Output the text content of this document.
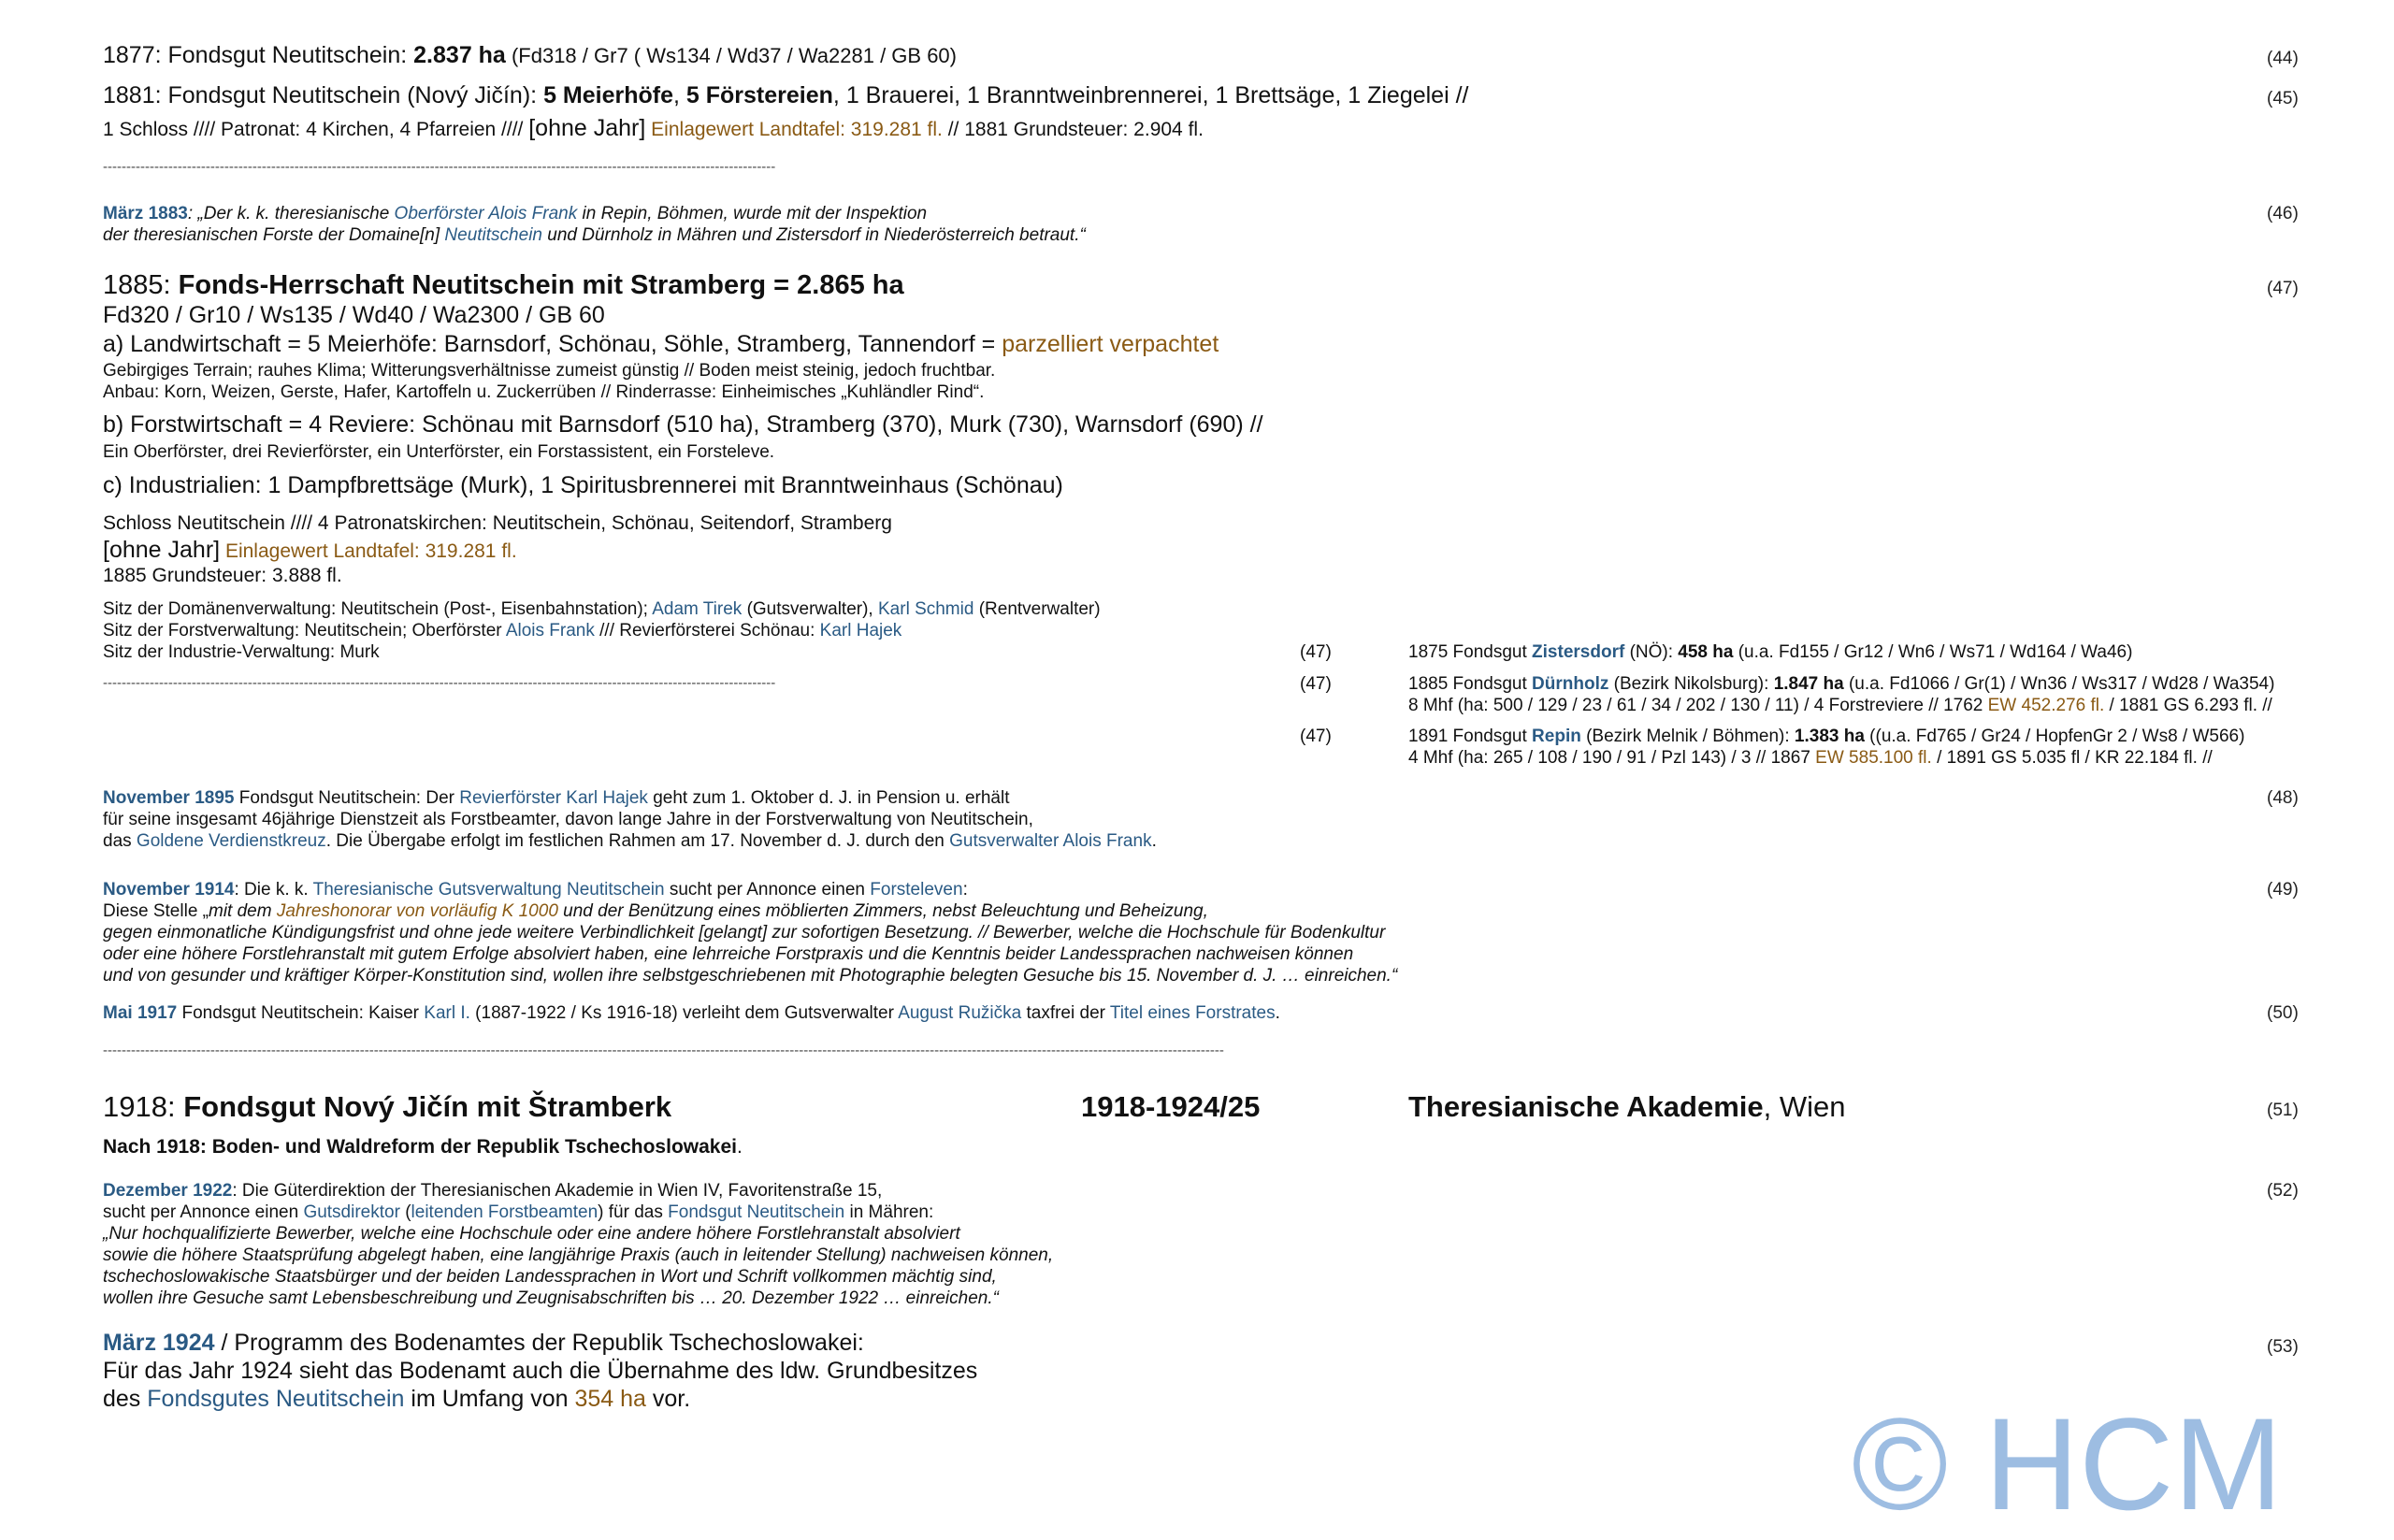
1877: Fondsgut Neutitschein: 2.837 ha (Fd318 / Gr7 ( Ws134 / Wd37 / Wa2281 / GB 60)	(44)
1881: Fondsgut Neutitschein (Nový Jičín): 5 Meierhöfe, 5 Förstereien, 1 Brauerei, 1 Branntweinbrennerei, 1 Brettsäge, 1 Ziegelei //	(45)
1 Schloss //// Patronat: 4 Kirchen, 4 Pfarreien //// [ohne Jahr] Einlagewert Landtafel: 319.281 fl. // 1881 Grundsteuer: 2.904 fl.
------------------------------------------------------------------------------------------------------------------------------------------------
März 1883: „Der k. k. theresianische Oberförster Alois Frank in Repin, Böhmen, wurde mit der Inspektion	(46)
der theresianischen Forste der Domaine[n] Neutitschein und Dürnholz in Mähren und Zistersdorf in Niederösterreich betraut.“
1885: Fonds-Herrschaft Neutitschein mit Stramberg = 2.865 ha	(47)
Fd320 / Gr10 / Ws135 / Wd40 / Wa2300 / GB 60
a) Landwirtschaft = 5 Meierhöfe: Barnsdorf, Schönau, Söhle, Stramberg, Tannendorf = parzelliert verpachtet
Gebirgiges Terrain; rauhes Klima; Witterungsverhältnisse zumeist günstig // Boden meist steinig, jedoch fruchtbar.
Anbau: Korn, Weizen, Gerste, Hafer, Kartoffeln u. Zuckerrüben // Rinderrasse: Einheimisches „Kuhländler Rind“.
b) Forstwirtschaft = 4 Reviere: Schönau mit Barnsdorf (510 ha), Stramberg (370), Murk (730), Warnsdorf (690) //
Ein Oberförster, drei Revierförster, ein Unterförster, ein Forstassistent, ein Forsteleve.
c) Industrialien: 1 Dampfbrettsäge (Murk), 1 Spiritusbrennerei mit Branntweinhaus (Schönau)
Schloss Neutitschein //// 4 Patronatskirchen: Neutitschein, Schönau, Seitendorf, Stramberg
[ohne Jahr] Einlagewert Landtafel: 319.281 fl.
1885 Grundsteuer: 3.888 fl.
Sitz der Domänenverwaltung: Neutitschein (Post-, Eisenbahnstation); Adam Tirek (Gutsverwalter), Karl Schmid (Rentverwalter)
Sitz der Forstverwaltung: Neutitschein; Oberförster Alois Frank /// Revierförsterei Schönau: Karl Hajek
Sitz der Industrie-Verwaltung: Murk	(47)	1875 Fondsgut Zistersdorf (NÖ): 458 ha (u.a. Fd155 / Gr12 / Wn6 / Ws71 / Wd164 / Wa46)
------------------------------------------------------------------------------------------------------------------------------------------------	(47)	1885 Fondsgut Dürnholz (Bezirk Nikolsburg): 1.847 ha (u.a. Fd1066 / Gr(1) / Wn36 / Ws317 / Wd28 / Wa354)
8 Mhf (ha: 500 / 129 / 23 / 61 / 34 / 202 / 130 / 11) / 4 Forstreviere // 1762 EW 452.276 fl. / 1881 GS 6.293 fl. //
(47)	1891 Fondsgut Repin (Bezirk Melnik / Böhmen): 1.383 ha ((u.a. Fd765 / Gr24 / HopfenGr 2 / Ws8 / W566)
4 Mhf (ha: 265 / 108 / 190 / 91 / Pzl 143) / 3 // 1867 EW 585.100 fl. / 1891 GS 5.035 fl / KR 22.184 fl. //
November 1895 Fondsgut Neutitschein: Der Revierförster Karl Hajek geht zum 1. Oktober d. J. in Pension u. erhält	(48)
für seine insgesamt 46jährige Dienstzeit als Forstbeamter, davon lange Jahre in der Forstverwaltung von Neutitschein,
das Goldene Verdienstkreuz. Die Übergabe erfolgt im festlichen Rahmen am 17. November d. J. durch den Gutsverwalter Alois Frank.
November 1914: Die k. k. Theresianische Gutsverwaltung Neutitschein sucht per Annonce einen Forsteleven:	(49)
Diese Stelle „mit dem Jahreshonorar von vorläufig K 1000 und der Benützung eines möblierten Zimmers, nebst Beleuchtung und Beheizung,
gegen einmonatliche Kündigungsfrist und ohne jede weitere Verbindlichkeit [gelangt] zur sofortigen Besetzung. // Bewerber, welche die Hochschule für Bodenkultur
oder eine höhere Forstlehranstalt mit gutem Erfolge absolviert haben, eine lehrreiche Forstpraxis und die Kenntnis beider Landessprachen nachweisen können
und von gesunder und kräftiger Körper-Konstitution sind, wollen ihre selbstgeschriebenen mit Photographie belegten Gesuche bis 15. November d. J. … einreichen.“
Mai 1917 Fondsgut Neutitschein: Kaiser Karl I. (1887-1922 / Ks 1916-18) verleiht dem Gutsverwalter August Ružička taxfrei der Titel eines Forstrates.	(50)
------------------------------------------------------------------------------------------------------------------------------------------------------------------------------------------------------------------------------------------------
1918: Fondsgut Nový Jičín mit Štramberk	1918-1924/25	Theresianische Akademie, Wien	(51)
Nach 1918: Boden- und Waldreform der Republik Tschechoslowakei.
Dezember 1922: Die Güterdirektion der Theresianischen Akademie in Wien IV, Favoritenstraße 15,	(52)
sucht per Annonce einen Gutsdirektor (leitenden Forstbeamten) für das Fondsgut Neutitschein in Mähren:
„Nur hochqualifizierte Bewerber, welche eine Hochschule oder eine andere höhere Forstlehranstalt absolviert
sowie die höhere Staatsprüfung abgelegt haben, eine langjährige Praxis (auch in leitender Stellung) nachweisen können,
tschechoslowakische Staatsbürger und der beiden Landessprachen in Wort und Schrift vollkommen mächtig sind,
wollen ihre Gesuche samt Lebensbeschreibung und Zeugnisabschriften bis … 20. Dezember 1922 … einreichen.“
März 1924 / Programm des Bodenamtes der Republik Tschechoslowakei:	(53)
Für das Jahr 1924 sieht das Bodenamt auch die Übernahme des ldw. Grundbesitzes
des Fondsgutes Neutitschein im Umfang von 354 ha vor.	© HCM
